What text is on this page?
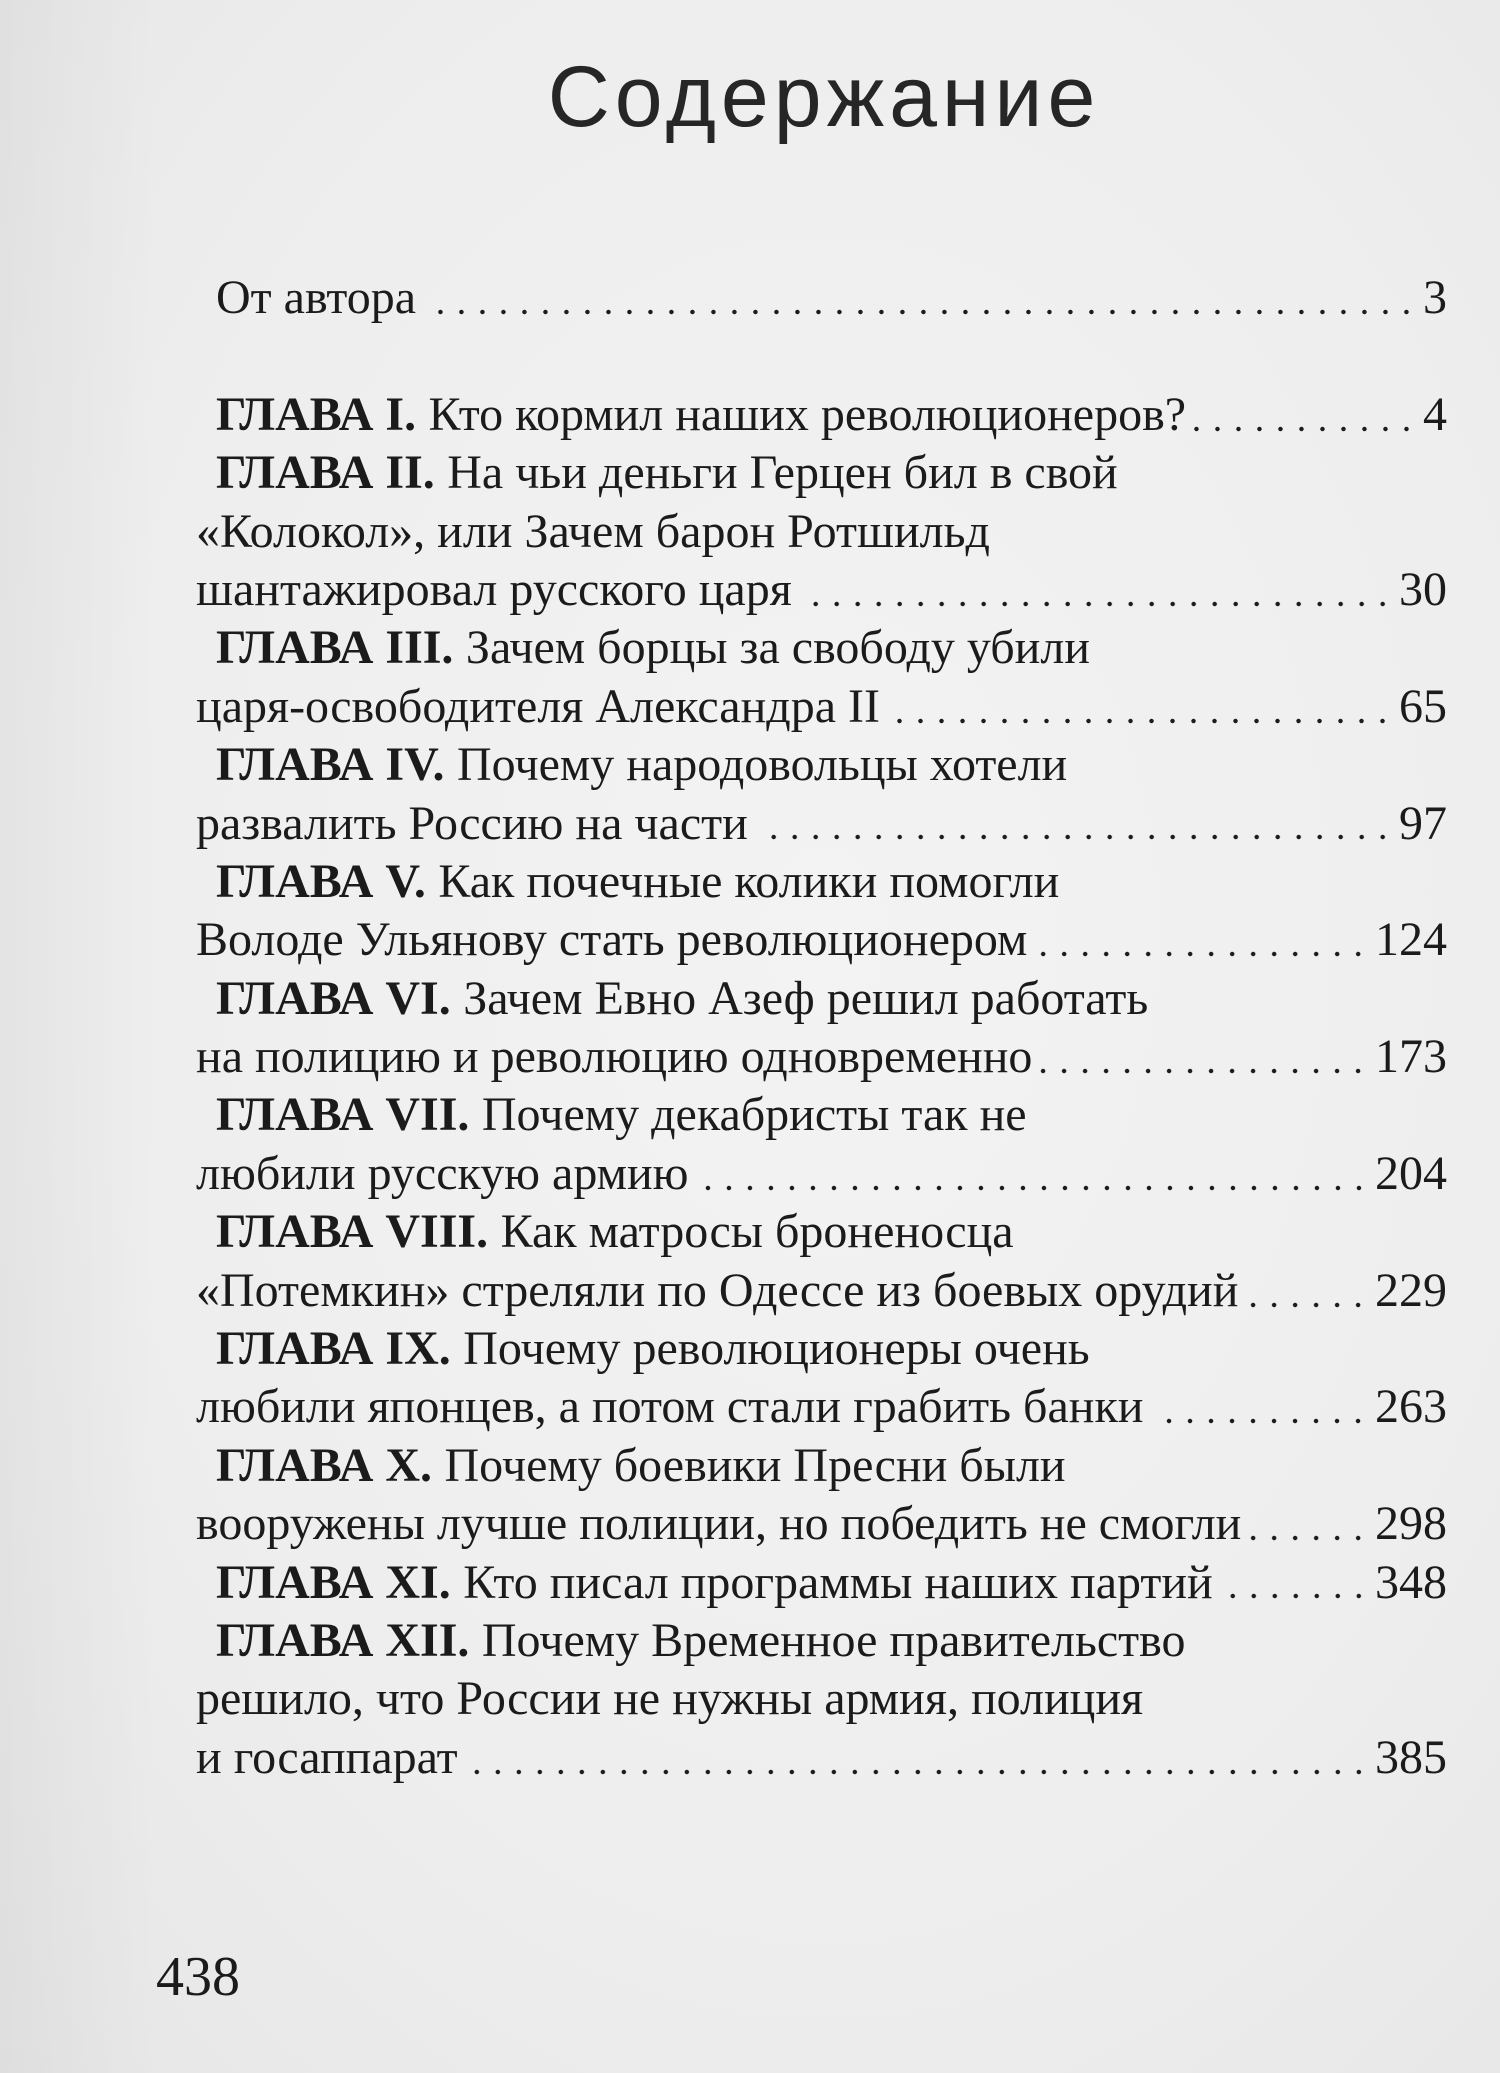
Содержание
От автора	3
ГЛАВА I. Кто кормил наших революционеров?	4
ГЛАВА II. На чьи деньги Герцен бил в свой
«Колокол», или Зачем барон Ротшильд
шантажировал русского царя	30
ГЛАВА III. Зачем борцы за свободу убили
царя-освободителя Александра II	65
ГЛАВА IV. Почему народовольцы хотели
развалить Россию на части	97
ГЛАВА V. Как почечные колики помогли
Володе Ульянову стать революционером	124
ГЛАВА VI. Зачем Евно Азеф решил работать
на полицию и революцию одновременно	173
ГЛАВА VII. Почему декабристы так не
любили русскую армию	204
ГЛАВА VIII. Как матросы броненосца
«Потемкин» стреляли по Одессе из боевых орудий	229
ГЛАВА IX. Почему революционеры очень
любили японцев, а потом стали грабить банки	263
ГЛАВА X. Почему боевики Пресни были
вооружены лучше полиции, но победить не смогли	298
ГЛАВА XI. Кто писал программы наших партий	348
ГЛАВА XII. Почему Временное правительство
решило, что России не нужны армия, полиция
и госаппарат	385
438
